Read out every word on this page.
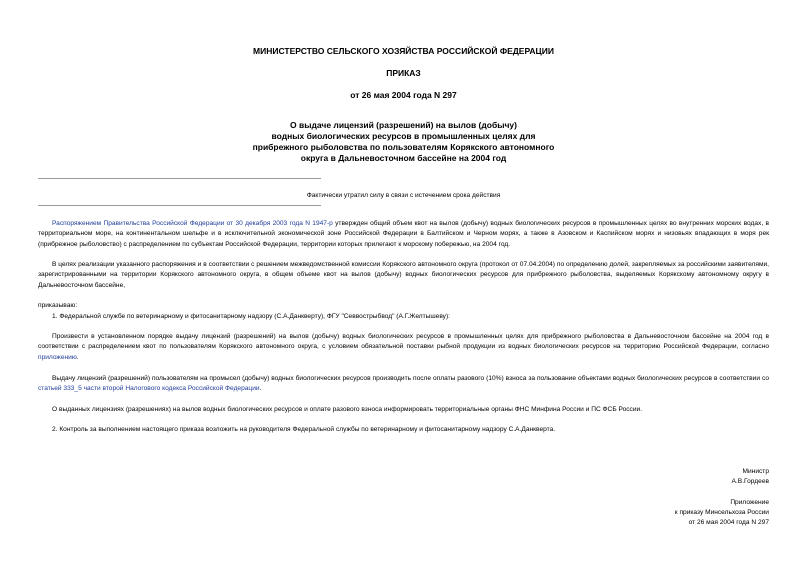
МИНИСТЕРСТВО СЕЛЬСКОГО ХОЗЯЙСТВА РОССИЙСКОЙ ФЕДЕРАЦИИ
ПРИКАЗ
от 26 мая 2004 года N 297
О выдаче лицензий (разрешений) на вылов (добычу)
водных биологических ресурсов в промышленных целях для
прибрежного рыболовства по пользователям Корякского автономного
округа в Дальневосточном бассейне на 2004 год
Фактически утратил силу в связи с истечением срока действия

Распоряжением Правительства Российской Федерации от 30 декабря 2003 года N 1947-р утвержден общий объем квот на вылов (добычу) водных биологических ресурсов в промышленных целях во внутренних морских водах, в территориальном море, на континентальном шельфе и в исключительной экономической зоне Российской Федерации в Балтийском и Черном морях, а также в Азовском и Каспийском морях и низовьях впадающих в моря рек (прибрежное рыболовство) с распределением по субъектам Российской Федерации, территории которых прилегают к морскому побережью, на 2004 год.

В целях реализации указанного распоряжения и в соответствии с решением межведомственной комиссии Корякского автономного округа (протокол от 07.04.2004) по определению долей, закрепляемых за российскими заявителями, зарегистрированными на территории Корякского автономного округа, в общем объеме квот на вылов (добычу) водных биологических ресурсов для прибрежного рыболовства, выделяемых Корякскому автономному округу в Дальневосточном бассейне,

приказываю:

1. Федеральной службе по ветеринарному и фитосанитарному надзору (С.А.Данкверту), ФГУ "Севвострыбвод" (А.Г.Желтышеву):

Произвести в установленном порядке выдачу лицензий (разрешений) на вылов (добычу) водных биологических ресурсов в промышленных целях для прибрежного рыболовства в Дальневосточном бассейне на 2004 год в соответствии с распределением квот по пользователям Корякского автономного округа, с условием обязательной поставки рыбной продукции из водных биологических ресурсов на территорию Российской Федерации, согласно приложению.

Выдачу лицензий (разрешений) пользователям на промысел (добычу) водных биологических ресурсов производить после оплаты разового (10%) взноса за пользование объектами водных биологических ресурсов в соответствии со статьей 333_5 части второй Налогового кодекса Российской Федерации.

О выданных лицензиях (разрешениях) на вылов водных биологических ресурсов и оплате разового взноса информировать территориальные органы ФНС Минфина России и ПС ФСБ России.

2. Контроль за выполнением настоящего приказа возложить на руководителя Федеральной службы по ветеринарному и фитосанитарному надзору С.А.Данкверта.

Министр
А.В.Гордеев
Приложение
к приказу Минсельхоза России
от 26 мая 2004 года N 297
